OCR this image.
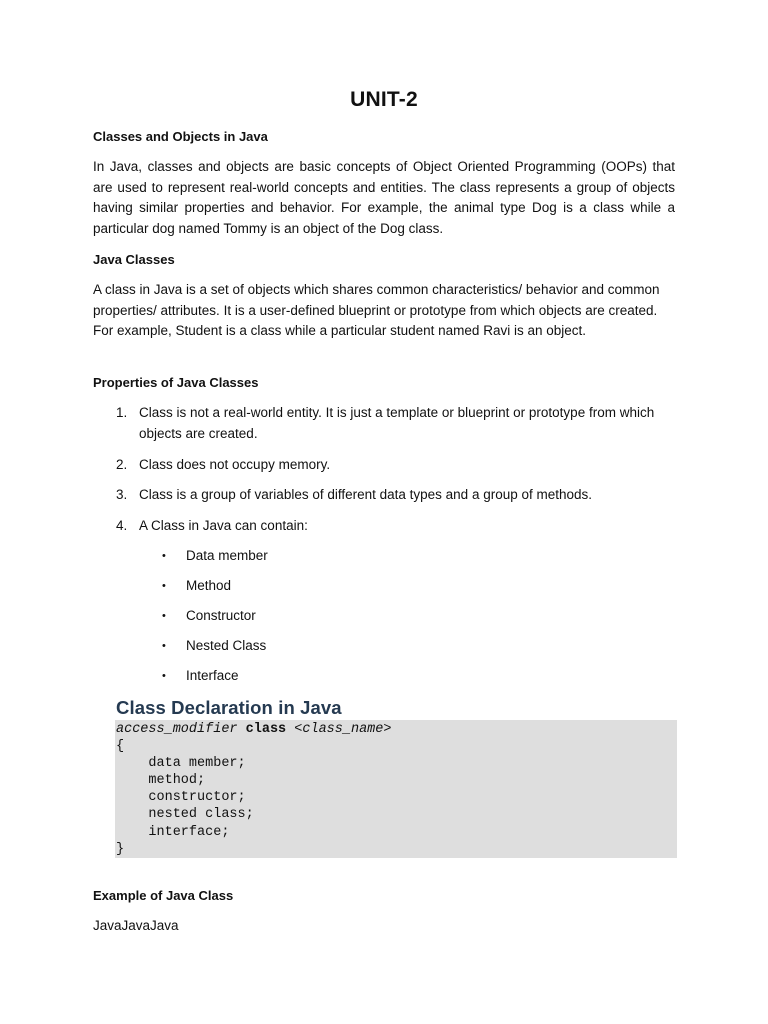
UNIT-2
Classes and Objects in Java

In Java, classes and objects are basic concepts of Object Oriented Programming (OOPs) that are used to represent real-world concepts and entities. The class represents a group of objects having similar properties and behavior. For example, the animal type Dog is a class while a particular dog named Tommy is an object of the Dog class.

Java Classes

A class in Java is a set of objects which shares common characteristics/ behavior and common properties/ attributes. It is a user-defined blueprint or prototype from which objects are created. For example, Student is a class while a particular student named Ravi is an object.

Properties of Java Classes
1. Class is not a real-world entity. It is just a template or blueprint or prototype from which objects are created.
2. Class does not occupy memory.
3. Class is a group of variables of different data types and a group of methods.
4. A Class in Java can contain:
• Data member
• Method
• Constructor
• Nested Class
• Interface
Class Declaration in Java
access_modifier class <class_name>
{
data member;
method;
constructor;
nested class;
interface;
}
Example of Java Class
JavaJavaJava
